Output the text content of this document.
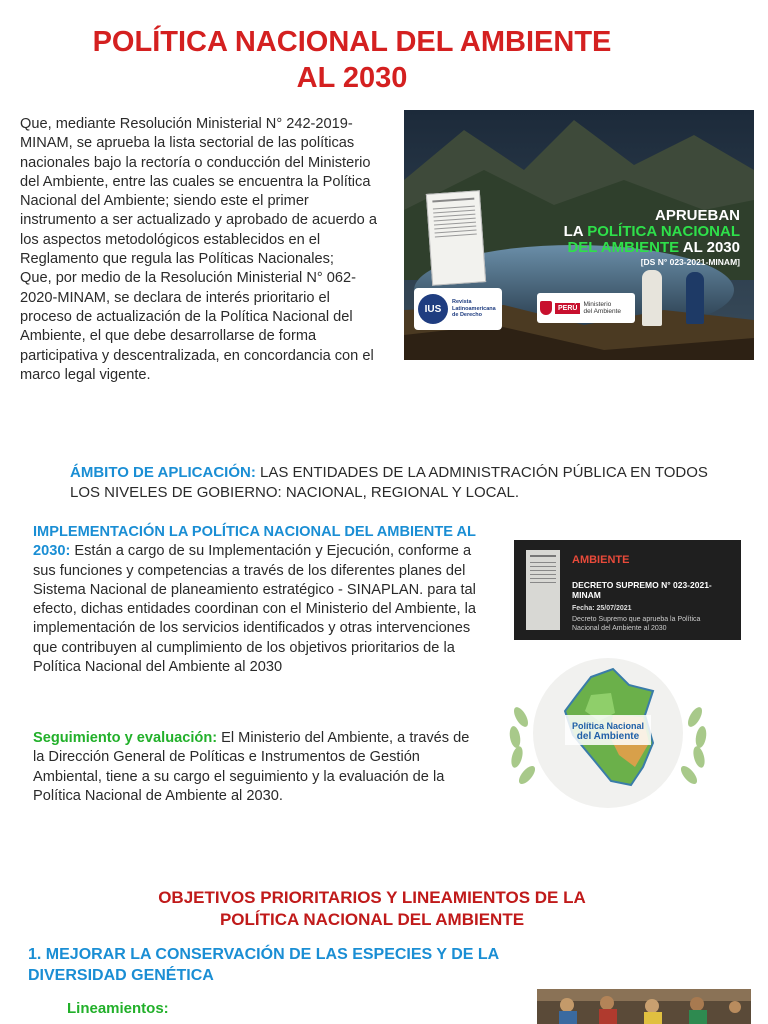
POLÍTICA NACIONAL DEL AMBIENTE
AL 2030

Que, mediante Resolución Ministerial N° 242-2019-MINAM, se aprueba la lista sectorial de las políticas nacionales bajo la rectoría o conducción del Ministerio del Ambiente, entre las cuales se encuentra la Política Nacional del Ambiente; siendo este el primer instrumento a ser actualizado y aprobado de acuerdo a los aspectos metodológicos establecidos en el Reglamento que regula las Políticas Nacionales;

Que, por medio de la Resolución Ministerial N° 062-2020-MINAM, se declara de interés prioritario el proceso de actualización de la Política Nacional del Ambiente, el que debe desarrollarse de forma participativa y descentralizada, en concordancia con el marco legal vigente.

APRUEBAN
LA POLÍTICA NACIONAL
DEL AMBIENTE AL 2030
[DS N° 023-2021-MINAM]
IUS
Revista
Latinoamericana
de Derecho
PERÚ
Ministerio
del Ambiente
ÁMBITO DE APLICACIÓN: LAS ENTIDADES DE LA ADMINISTRACIÓN PÚBLICA EN TODOS LOS NIVELES DE GOBIERNO: NACIONAL, REGIONAL Y LOCAL.
IMPLEMENTACIÓN LA POLÍTICA NACIONAL DEL AMBIENTE AL 2030: Están a cargo de su Implementación y Ejecución, conforme a sus funciones y competencias a través de los diferentes planes del Sistema Nacional de planeamiento estratégico - SINAPLAN. para tal efecto, dichas entidades coordinan con el Ministerio del Ambiente, la implementación de los servicios identificados y otras intervenciones que contribuyen al cumplimiento de los objetivos prioritarios de la Política Nacional del Ambiente al 2030
AMBIENTE
DECRETO SUPREMO N° 023-2021-
MINAM
Fecha: 25/07/2021
Decreto Supremo que aprueba la Política
Nacional del Ambiente al 2030
Política Nacional
del Ambiente
Seguimiento y evaluación: El Ministerio del Ambiente, a través de la Dirección General de Políticas e Instrumentos de Gestión Ambiental, tiene a su cargo el seguimiento y la evaluación de la Política Nacional de Ambiente al 2030.
OBJETIVOS PRIORITARIOS Y LINEAMIENTOS DE LA
POLÍTICA NACIONAL DEL AMBIENTE
1. MEJORAR LA CONSERVACIÓN DE LAS ESPECIES Y DE LA
DIVERSIDAD GENÉTICA
Lineamientos:
